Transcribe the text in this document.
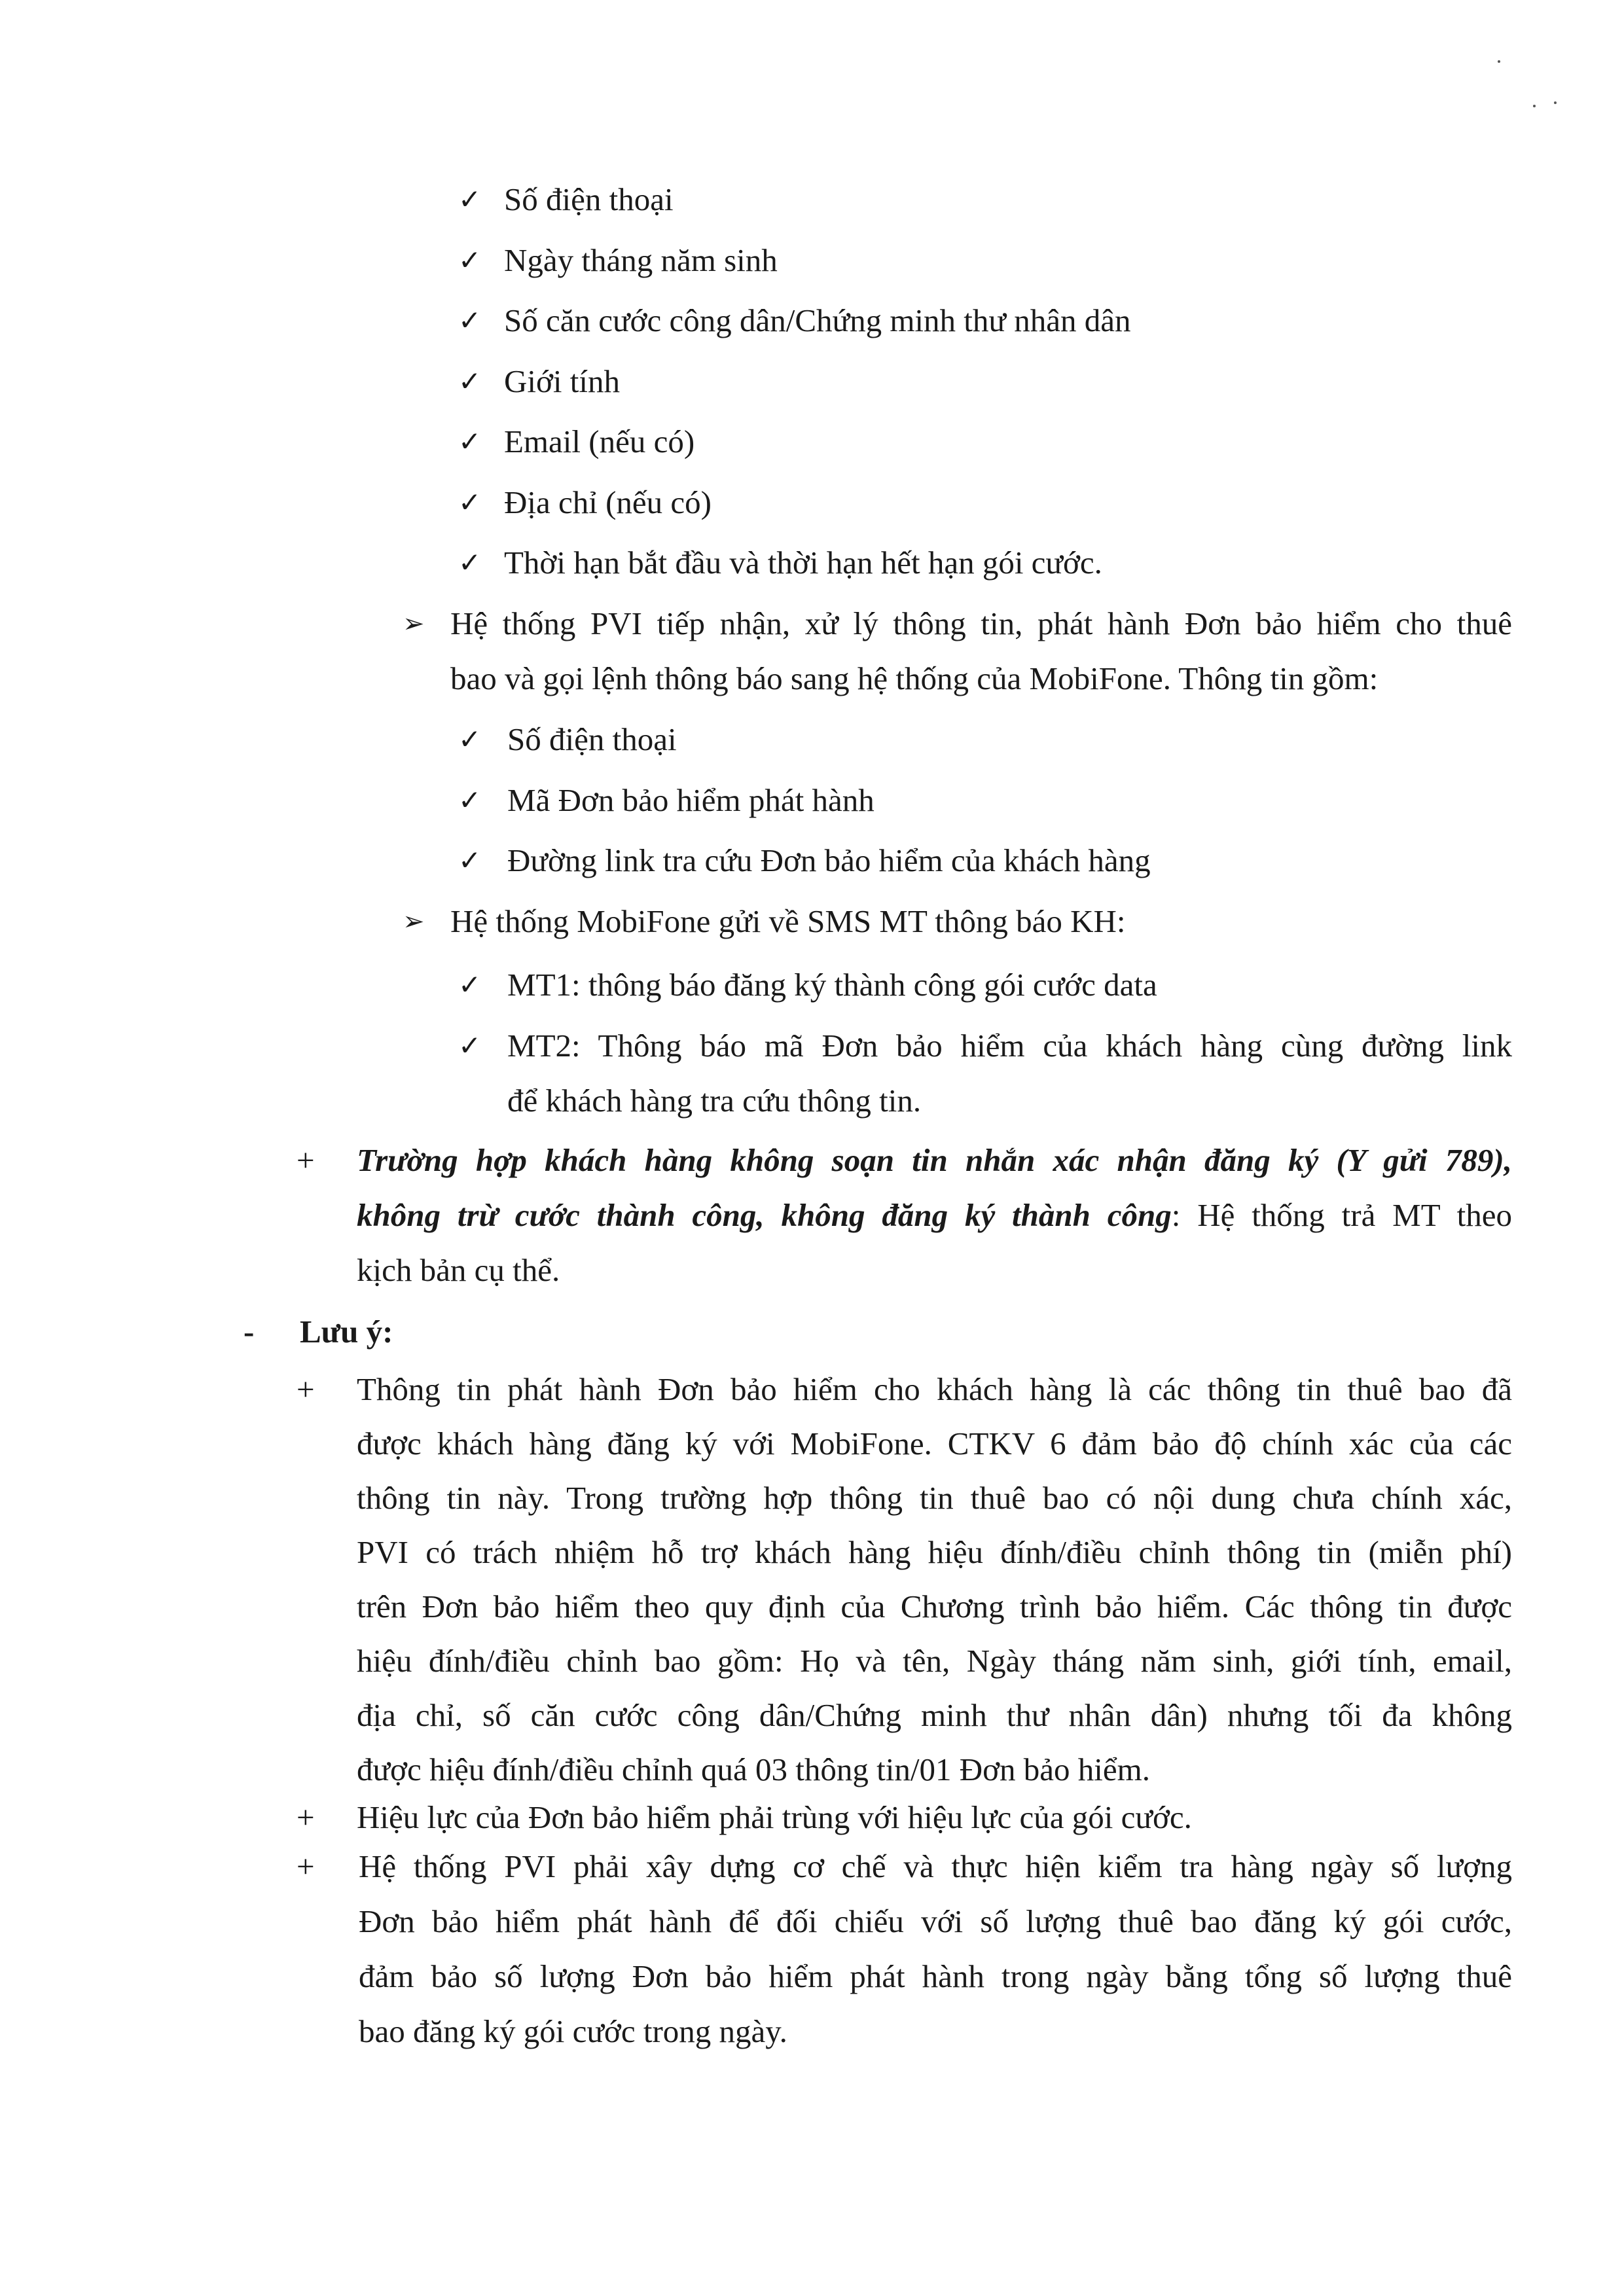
✓ Số điện thoại
✓ Ngày tháng năm sinh
✓ Số căn cước công dân/Chứng minh thư nhân dân
✓ Giới tính
✓ Email (nếu có)
✓ Địa chỉ (nếu có)
✓ Thời hạn bắt đầu và thời hạn hết hạn gói cước.
➢ Hệ thống PVI tiếp nhận, xử lý thông tin, phát hành Đơn bảo hiểm cho thuê
bao và gọi lệnh thông báo sang hệ thống của MobiFone. Thông tin gồm:
✓ Số điện thoại
✓ Mã Đơn bảo hiểm phát hành
✓ Đường link tra cứu Đơn bảo hiểm của khách hàng
➢ Hệ thống MobiFone gửi về SMS MT thông báo KH:
✓ MT1: thông báo đăng ký thành công gói cước data
✓ MT2: Thông báo mã Đơn bảo hiểm của khách hàng cùng đường link
để khách hàng tra cứu thông tin.
+ Trường hợp khách hàng không soạn tin nhắn xác nhận đăng ký (Y gửi 789),
không trừ cước thành công, không đăng ký thành công: Hệ thống trả MT theo
kịch bản cụ thể.
- Lưu ý:
+ Thông tin phát hành Đơn bảo hiểm cho khách hàng là các thông tin thuê bao đã
được khách hàng đăng ký với MobiFone. CTKV 6 đảm bảo độ chính xác của các
thông tin này. Trong trường hợp thông tin thuê bao có nội dung chưa chính xác,
PVI có trách nhiệm hỗ trợ khách hàng hiệu đính/điều chỉnh thông tin (miễn phí)
trên Đơn bảo hiểm theo quy định của Chương trình bảo hiểm. Các thông tin được
hiệu đính/điều chỉnh bao gồm: Họ và tên, Ngày tháng năm sinh, giới tính, email,
địa chỉ, số căn cước công dân/Chứng minh thư nhân dân) nhưng tối đa không
được hiệu đính/điều chỉnh quá 03 thông tin/01 Đơn bảo hiểm.
+ Hiệu lực của Đơn bảo hiểm phải trùng với hiệu lực của gói cước.
+ Hệ thống PVI phải xây dựng cơ chế và thực hiện kiểm tra hàng ngày số lượng
Đơn bảo hiểm phát hành để đối chiếu với số lượng thuê bao đăng ký gói cước,
đảm bảo số lượng Đơn bảo hiểm phát hành trong ngày bằng tổng số lượng thuê
bao đăng ký gói cước trong ngày.
